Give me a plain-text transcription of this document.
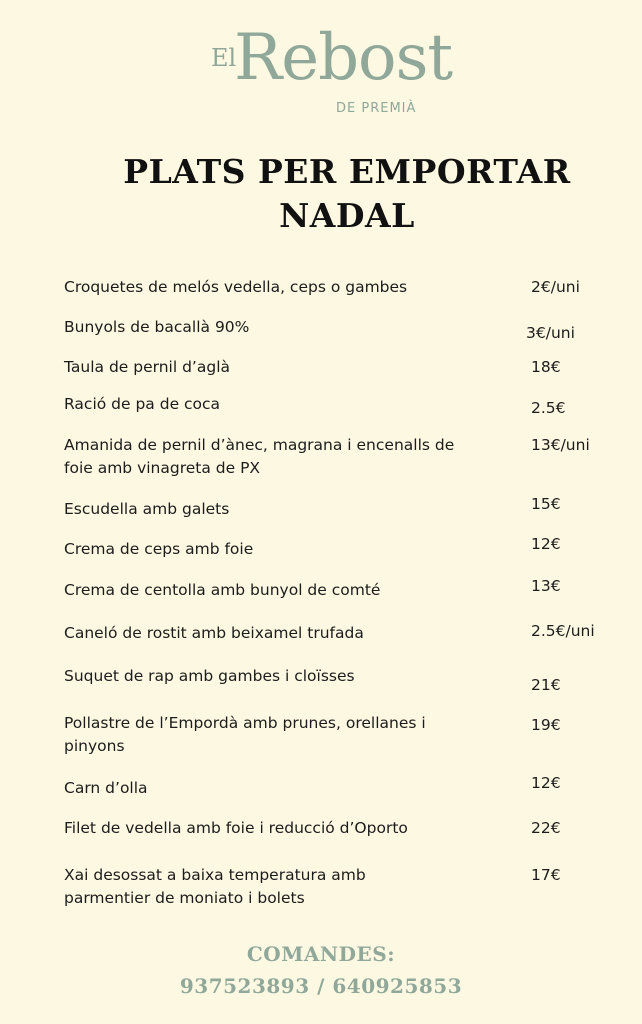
El
Rebost
DE PREMIÀ
PLATS PER EMPORTAR
NADAL
Croquetes de melós vedella, ceps o gambes	2€/uni
Bunyols de bacallà 90%	3€/uni
Taula de pernil d’aglà	18€
Ració de pa de coca	2.5€
Amanida de pernil d’ànec, magrana i encenalls de
foie amb vinagreta de PX
13€/uni
Escudella amb galets	15€
Crema de ceps amb foie	12€
Crema de centolla amb bunyol de comté	13€
Caneló de rostit amb beixamel trufada	2.5€/uni
Suquet de rap amb gambes i cloïsses	21€
Pollastre de l’Empordà amb prunes, orellanes i
pinyons
19€
Carn d’olla	12€
Filet de vedella amb foie i reducció d’Oporto	22€
Xai desossat a baixa temperatura amb
parmentier de moniato i bolets
17€
COMANDES:
937523893 / 640925853
